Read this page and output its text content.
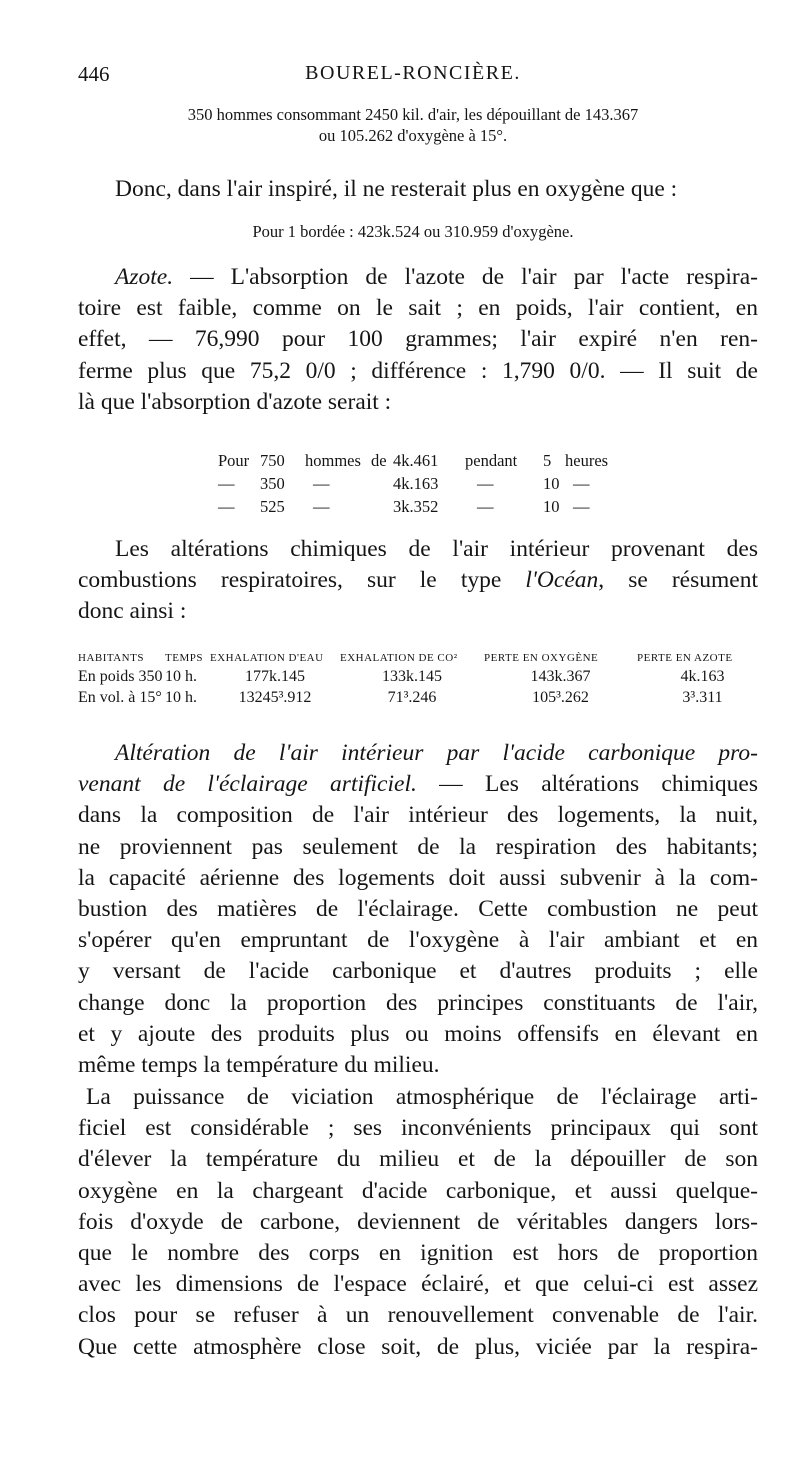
446	BOUREL-RONCIÈRE.
350 hommes consommant 2450 kil. d'air, les dépouillant de 143.367
ou 105.262 d'oxygène à 15°.
Donc, dans l'air inspiré, il ne resterait plus en oxygène que :
Pour 1 bordée : 423k.524 ou 310.959 d'oxygène.
Azote. — L'absorption de l'azote de l'air par l'acte respira-
toire est faible, comme on le sait ; en poids, l'air contient, en
effet, — 76,990 pour 100 grammes; l'air expiré n'en ren-
ferme plus que 75,2 0/0 ; différence : 1,790 0/0. — Il suit de
là que l'absorption d'azote serait :
Pour 750	hommes de 4k.461	pendant	5 heures
—	350	—	4k.163	—	10 —
—	525	—	3k.352	—	10 —
Les altérations chimiques de l'air intérieur provenant des
combustions respiratoires, sur le type l'Océan, se résument
donc ainsi :
HABITANTS	TEMPS EXHALATION D'EAU	EXHALATION DE CO²	PERTE EN OXYGÈNE	PERTE EN AZOTE
En poids 350 10 h.	177k.145	133k.145	143k.367	4k.163
En vol. à 15° 10 h.	13245³.912	71³.246	105³.262	3³.311
Altération de l'air intérieur par l'acide carbonique pro-
venant de l'éclairage artificiel. — Les altérations chimiques
dans la composition de l'air intérieur des logements, la nuit,
ne proviennent pas seulement de la respiration des habitants;
la capacité aérienne des logements doit aussi subvenir à la com-
bustion des matières de l'éclairage. Cette combustion ne peut
s'opérer qu'en empruntant de l'oxygène à l'air ambiant et en
y versant de l'acide carbonique et d'autres produits ; elle
change donc la proportion des principes constituants de l'air,
et y ajoute des produits plus ou moins offensifs en élevant en
même temps la température du milieu.
La puissance de viciation atmosphérique de l'éclairage arti-
ficiel est considérable ; ses inconvénients principaux qui sont
d'élever la température du milieu et de la dépouiller de son
oxygène en la chargeant d'acide carbonique, et aussi quelque-
fois d'oxyde de carbone, deviennent de véritables dangers lors-
que le nombre des corps en ignition est hors de proportion
avec les dimensions de l'espace éclairé, et que celui-ci est assez
clos pour se refuser à un renouvellement convenable de l'air.
Que cette atmosphère close soit, de plus, viciée par la respira-
